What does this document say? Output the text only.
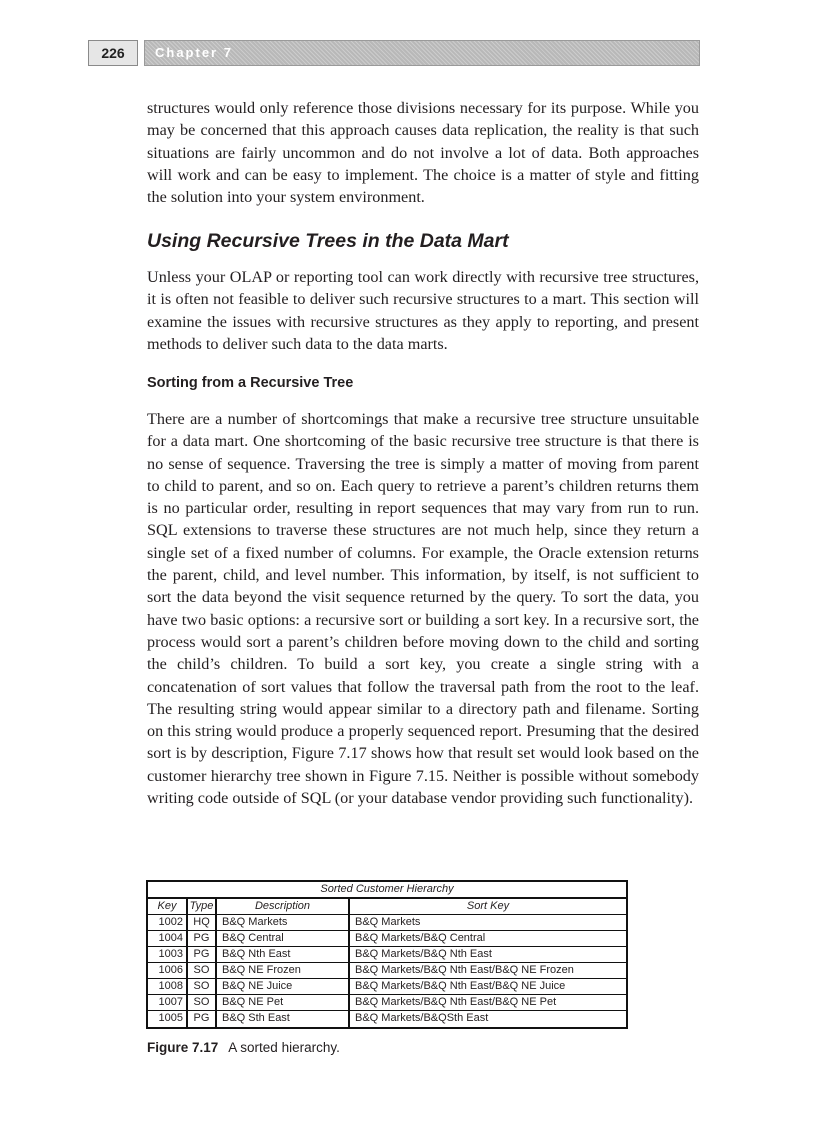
226	Chapter 7

structures would only reference those divisions necessary for its purpose. While you may be concerned that this approach causes data replication, the reality is that such situations are fairly uncommon and do not involve a lot of data. Both approaches will work and can be easy to implement. The choice is a matter of style and fitting the solution into your system environment.

Using Recursive Trees in the Data Mart

Unless your OLAP or reporting tool can work directly with recursive tree structures, it is often not feasible to deliver such recursive structures to a mart. This section will examine the issues with recursive structures as they apply to reporting, and present methods to deliver such data to the data marts.

Sorting from a Recursive Tree

There are a number of shortcomings that make a recursive tree structure unsuitable for a data mart. One shortcoming of the basic recursive tree structure is that there is no sense of sequence. Traversing the tree is simply a matter of moving from parent to child to parent, and so on. Each query to retrieve a parent’s children returns them is no particular order, resulting in report sequences that may vary from run to run. SQL extensions to traverse these structures are not much help, since they return a single set of a fixed number of columns. For example, the Oracle extension returns the parent, child, and level number. This information, by itself, is not sufficient to sort the data beyond the visit sequence returned by the query. To sort the data, you have two basic options: a recursive sort or building a sort key. In a recursive sort, the process would sort a parent’s children before moving down to the child and sorting the child’s children. To build a sort key, you create a single string with a concatenation of sort values that follow the traversal path from the root to the leaf. The resulting string would appear similar to a directory path and filename. Sorting on this string would produce a properly sequenced report. Presuming that the desired sort is by description, Figure 7.17 shows how that result set would look based on the customer hierarchy tree shown in Figure 7.15. Neither is possible without somebody writing code outside of SQL (or your database vendor providing such functionality).

Sorted Customer Hierarchy
Key	Type	Description	Sort Key
1002 HQ	B&Q Markets	B&Q Markets
1004 PG	B&Q Central	B&Q Markets/B&Q Central
1003 PG	B&Q Nth East	B&Q Markets/B&Q Nth East
1006 SO	B&Q NE Frozen	B&Q Markets/B&Q Nth East/B&Q NE Frozen
1008 SO	B&Q NE Juice	B&Q Markets/B&Q Nth East/B&Q NE Juice
1007 SO	B&Q NE Pet	B&Q Markets/B&Q Nth East/B&Q NE Pet
1005 PG	B&Q Sth East	B&Q Markets/B&QSth East
Figure 7.17 A sorted hierarchy.
